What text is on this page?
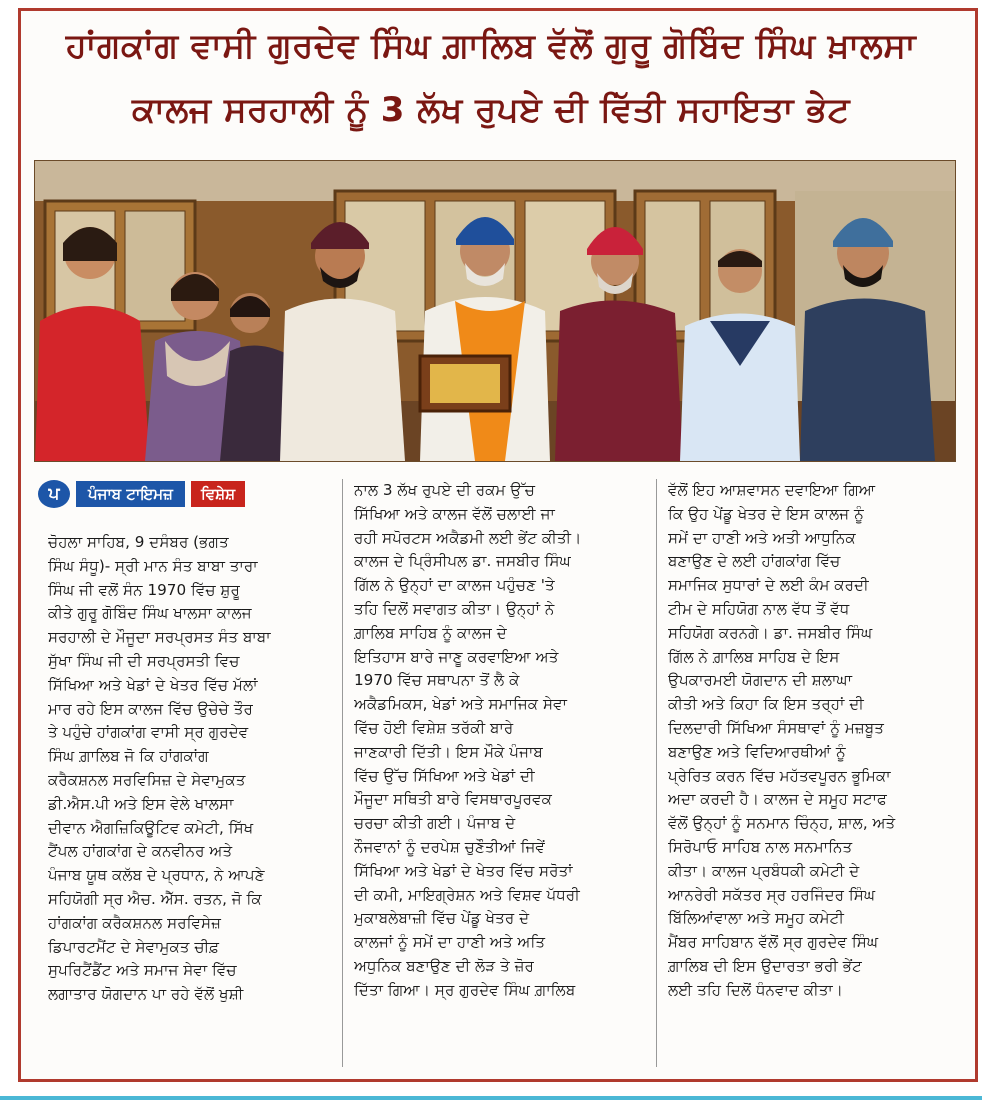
ਹਾਂਗਕਾਂਗ ਵਾਸੀ ਗੁਰਦੇਵ ਸਿੰਘ ਗ਼ਾਲਿਬ ਵੱਲੋਂ ਗੁਰੂ ਗੋਬਿੰਦ ਸਿੰਘ ਖ਼ਾਲਸਾ
ਕਾਲਜ ਸਰਹਾਲੀ ਨੂੰ 3 ਲੱਖ ਰੁਪਏ ਦੀ ਵਿੱਤੀ ਸਹਾਇਤਾ ਭੇਟ
ਪ	ਪੰਜਾਬ ਟਾਇਮਜ਼	ਵਿਸ਼ੇਸ਼
ਚੋਹਲਾ ਸਾਹਿਬ, 9 ਦਸੰਬਰ (ਭਗਤ
ਸਿੰਘ ਸੰਧੂ)- ਸ੍ਰੀ ਮਾਨ ਸੰਤ ਬਾਬਾ ਤਾਰਾ
ਸਿੰਘ ਜੀ ਵਲੋਂ ਸੰਨ 1970 ਵਿੱਚ ਸ਼ੁਰੂ
ਕੀਤੇ ਗੁਰੂ ਗੋਬਿੰਦ ਸਿੰਘ ਖਾਲਸਾ ਕਾਲਜ
ਸਰਹਾਲੀ ਦੇ ਮੌਜੂਦਾ ਸਰਪ੍ਰਸਤ ਸੰਤ ਬਾਬਾ
ਸੁੱਖਾ ਸਿੰਘ ਜੀ ਦੀ ਸਰਪ੍ਰਸਤੀ ਵਿਚ
ਸਿੱਖਿਆ ਅਤੇ ਖੇਡਾਂ ਦੇ ਖੇਤਰ ਵਿੱਚ ਮੱਲਾਂ
ਮਾਰ ਰਹੇ ਇਸ ਕਾਲਜ ਵਿੱਚ ਉਚੇਚੇ ਤੌਰ
ਤੇ ਪਹੁੰਚੇ ਹਾਂਗਕਾਂਗ ਵਾਸੀ ਸ੍ਰ ਗੁਰਦੇਵ
ਸਿੰਘ ਗ਼ਾਲਿਬ ਜੋ ਕਿ ਹਾਂਗਕਾਂਗ
ਕਰੈਕਸ਼ਨਲ ਸਰਵਿਸਿਜ਼ ਦੇ ਸੇਵਾਮੁਕਤ
ਡੀ.ਐਸ.ਪੀ ਅਤੇ ਇਸ ਵੇਲੇ ਖਾਲਸਾ
ਦੀਵਾਨ ਐਗਜ਼ਿਕਿਊਟਿਵ ਕਮੇਟੀ, ਸਿੱਖ
ਟੈਂਪਲ ਹਾਂਗਕਾਂਗ ਦੇ ਕਨਵੀਨਰ ਅਤੇ
ਪੰਜਾਬ ਯੂਥ ਕਲੱਬ ਦੇ ਪ੍ਰਧਾਨ, ਨੇ ਆਪਣੇ
ਸਹਿਯੋਗੀ ਸ੍ਰ ਐਚ. ਐੱਸ. ਰਤਨ, ਜੋ ਕਿ
ਹਾਂਗਕਾਂਗ ਕਰੈਕਸ਼ਨਲ ਸਰਵਿਸੇਜ਼
ਡਿਪਾਰਟਮੈਂਟ ਦੇ ਸੇਵਾਮੁਕਤ ਚੀਫ਼
ਸੁਪਰਿਟੈਂਡੈਂਟ ਅਤੇ ਸਮਾਜ ਸੇਵਾ ਵਿੱਚ
ਲਗਾਤਾਰ ਯੋਗਦਾਨ ਪਾ ਰਹੇ ਵੱਲੋਂ ਖੁਸ਼ੀ
ਨਾਲ 3 ਲੱਖ ਰੁਪਏ ਦੀ ਰਕਮ ਉੱਚ
ਸਿੱਖਿਆ ਅਤੇ ਕਾਲਜ ਵੱਲੋਂ ਚਲਾਈ ਜਾ
ਰਹੀ ਸਪੋਰਟਸ ਅਕੈਡਮੀ ਲਈ ਭੇਂਟ ਕੀਤੀ।
ਕਾਲਜ ਦੇ ਪ੍ਰਿੰਸੀਪਲ ਡਾ. ਜਸਬੀਰ ਸਿੰਘ
ਗਿੱਲ ਨੇ ਉਨ੍ਹਾਂ ਦਾ ਕਾਲਜ ਪਹੁੰਚਣ 'ਤੇ
ਤਹਿ ਦਿਲੋਂ ਸਵਾਗਤ ਕੀਤਾ। ਉਨ੍ਹਾਂ ਨੇ
ਗ਼ਾਲਿਬ ਸਾਹਿਬ ਨੂੰ ਕਾਲਜ ਦੇ
ਇਤਿਹਾਸ ਬਾਰੇ ਜਾਣੂ ਕਰਵਾਇਆ ਅਤੇ
1970 ਵਿੱਚ ਸਥਾਪਨਾ ਤੋਂ ਲੈ ਕੇ
ਅਕੈਡਮਿਕਸ, ਖੇਡਾਂ ਅਤੇ ਸਮਾਜਿਕ ਸੇਵਾ
ਵਿੱਚ ਹੋਈ ਵਿਸ਼ੇਸ਼ ਤਰੱਕੀ ਬਾਰੇ
ਜਾਣਕਾਰੀ ਦਿੱਤੀ। ਇਸ ਮੌਕੇ ਪੰਜਾਬ
ਵਿੱਚ ਉੱਚ ਸਿੱਖਿਆ ਅਤੇ ਖੇਡਾਂ ਦੀ
ਮੌਜੂਦਾ ਸਥਿਤੀ ਬਾਰੇ ਵਿਸਥਾਰਪੂਰਵਕ
ਚਰਚਾ ਕੀਤੀ ਗਈ। ਪੰਜਾਬ ਦੇ
ਨੌਜਵਾਨਾਂ ਨੂੰ ਦਰਪੇਸ਼ ਚੁਣੌਤੀਆਂ ਜਿਵੇਂ
ਸਿੱਖਿਆ ਅਤੇ ਖੇਡਾਂ ਦੇ ਖੇਤਰ ਵਿੱਚ ਸਰੋਤਾਂ
ਦੀ ਕਮੀ, ਮਾਇਗ੍ਰੇਸ਼ਨ ਅਤੇ ਵਿਸ਼ਵ ਪੱਧਰੀ
ਮੁਕਾਬਲੇਬਾਜ਼ੀ ਵਿੱਚ ਪੇਂਡੂ ਖੇਤਰ ਦੇ
ਕਾਲਜਾਂ ਨੂੰ ਸਮੇਂ ਦਾ ਹਾਣੀ ਅਤੇ ਅਤਿ
ਅਧੁਨਿਕ ਬਣਾਉਣ ਦੀ ਲੋੜ ਤੇ ਜ਼ੋਰ
ਦਿੱਤਾ ਗਿਆ। ਸ੍ਰ ਗੁਰਦੇਵ ਸਿੰਘ ਗ਼ਾਲਿਬ
ਵੱਲੋਂ ਇਹ ਆਸ਼ਵਾਸਨ ਦਵਾਇਆ ਗਿਆ
ਕਿ ਉਹ ਪੇਂਡੂ ਖੇਤਰ ਦੇ ਇਸ ਕਾਲਜ ਨੂੰ
ਸਮੇਂ ਦਾ ਹਾਣੀ ਅਤੇ ਅਤੀ ਆਧੁਨਿਕ
ਬਣਾਉਣ ਦੇ ਲਈ ਹਾਂਗਕਾਂਗ ਵਿੱਚ
ਸਮਾਜਿਕ ਸੁਧਾਰਾਂ ਦੇ ਲਈ ਕੰਮ ਕਰਦੀ
ਟੀਮ ਦੇ ਸਹਿਯੋਗ ਨਾਲ ਵੱਧ ਤੋਂ ਵੱਧ
ਸਹਿਯੋਗ ਕਰਨਗੇ। ਡਾ. ਜਸਬੀਰ ਸਿੰਘ
ਗਿੱਲ ਨੇ ਗ਼ਾਲਿਬ ਸਾਹਿਬ ਦੇ ਇਸ
ਉਪਕਾਰਮਈ ਯੋਗਦਾਨ ਦੀ ਸ਼ਲਾਘਾ
ਕੀਤੀ ਅਤੇ ਕਿਹਾ ਕਿ ਇਸ ਤਰ੍ਹਾਂ ਦੀ
ਦਿਲਦਾਰੀ ਸਿੱਖਿਆ ਸੰਸਥਾਵਾਂ ਨੂੰ ਮਜ਼ਬੂਤ
ਬਣਾਉਣ ਅਤੇ ਵਿਦਿਆਰਥੀਆਂ ਨੂੰ
ਪ੍ਰੇਰਿਤ ਕਰਨ ਵਿੱਚ ਮਹੱਤਵਪੂਰਨ ਭੂਮਿਕਾ
ਅਦਾ ਕਰਦੀ ਹੈ। ਕਾਲਜ ਦੇ ਸਮੂਹ ਸਟਾਫ
ਵੱਲੋਂ ਉਨ੍ਹਾਂ ਨੂੰ ਸਨਮਾਨ ਚਿੰਨ੍ਹ, ਸ਼ਾਲ, ਅਤੇ
ਸਿਰੋਪਾਓ ਸਾਹਿਬ ਨਾਲ ਸਨਮਾਨਿਤ
ਕੀਤਾ। ਕਾਲਜ ਪ੍ਰਬੰਧਕੀ ਕਮੇਟੀ ਦੇ
ਆਨਰੇਰੀ ਸਕੱਤਰ ਸ੍ਰ ਹਰਜਿੰਦਰ ਸਿੰਘ
ਬਿੱਲਿਆਂਵਾਲਾ ਅਤੇ ਸਮੂਹ ਕਮੇਟੀ
ਮੈਂਬਰ ਸਾਹਿਬਾਨ ਵੱਲੋਂ ਸ੍ਰ ਗੁਰਦੇਵ ਸਿੰਘ
ਗ਼ਾਲਿਬ ਦੀ ਇਸ ਉਦਾਰਤਾ ਭਰੀ ਭੇਂਟ
ਲਈ ਤਹਿ ਦਿਲੋਂ ਧੰਨਵਾਦ ਕੀਤਾ।
